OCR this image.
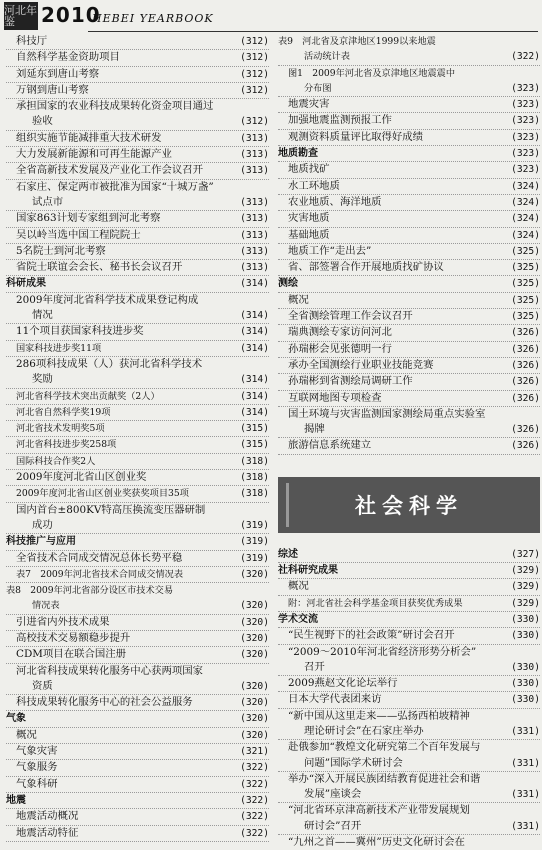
河北年鉴	2010
HEBEI YEARBOOK
科技厅	(312)
自然科学基金资助项目	(312)
刘延东到唐山考察	(312)
万钢到唐山考察	(312)
承担国家的农业科技成果转化资金项目通过
验收	(312)
组织实施节能减排重大技术研发	(313)
大力发展新能源和可再生能源产业	(313)
全省高新技术发展及产业化工作会议召开	(313)
石家庄、保定两市被批准为国家“十城万盏”
试点市	(313)
国家863计划专家组到河北考察	(313)
吴以岭当选中国工程院院士	(313)
5名院士到河北考察	(313)
省院士联谊会会长、秘书长会议召开	(313)
科研成果	(314)
2009年度河北省科学技术成果登记构成
情况	(314)
11个项目获国家科技进步奖	(314)
国家科技进步奖11项	(314)
286项科技成果（人）获河北省科学技术
奖励	(314)
河北省科学技术突出贡献奖（2人）	(314)
河北省自然科学奖19项	(314)
河北省技术发明奖5项	(315)
河北省科技进步奖258项	(315)
国际科技合作奖2人	(318)
2009年度河北省山区创业奖	(318)
2009年度河北省山区创业奖获奖项目35项	(318)
国内首台±800KV特高压换流变压器研制
成功	(319)
科技推广与应用	(319)
全省技术合同成交情况总体长势平稳	(319)
表7　2009年河北省技术合同成交情况表	(320)
表8　2009年河北省部分设区市技术交易
情况表	(320)
引进省内外技术成果	(320)
高校技术交易额稳步提升	(320)
CDM项目在联合国注册	(320)
河北省科技成果转化服务中心获两项国家
资质	(320)
科技成果转化服务中心的社会公益服务	(320)
气象	(320)
概况	(320)
气象灾害	(321)
气象服务	(322)
气象科研	(322)
地震	(322)
地震活动概况	(322)
地震活动特征	(322)
表9　河北省及京津地区1999以来地震
活动统计表	(322)
图1　2009年河北省及京津地区地震震中
分布图	(323)
地震灾害	(323)
加强地震监测预报工作	(323)
观测资料质量评比取得好成绩	(323)
地质勘查	(323)
地质找矿	(323)
水工环地质	(324)
农业地质、海洋地质	(324)
灾害地质	(324)
基础地质	(324)
地质工作“走出去”	(325)
省、部签署合作开展地质找矿协议	(325)
测绘	(325)
概况	(325)
全省测绘管理工作会议召开	(325)
瑞典测绘专家访问河北	(326)
孙瑞彬会见张德明一行	(326)
承办全国测绘行业职业技能竞赛	(326)
孙瑞彬到省测绘局调研工作	(326)
互联网地图专项检查	(326)
国土环境与灾害监测国家测绘局重点实验室
揭牌	(326)
旅游信息系统建立	(326)
社会科学
综述	(327)
社科研究成果	(329)
概况	(329)
附：河北省社会科学基金项目获奖优秀成果	(329)
学术交流	(330)
“民生视野下的社会政策”研讨会召开	(330)
“2009～2010年河北省经济形势分析会”
召开	(330)
2009燕赵文化论坛举行	(330)
日本大学代表团来访	(330)
“新中国从这里走来——弘扬西柏坡精神
理论研讨会”在石家庄举办	(331)
赴俄参加“教煌文化研究第二个百年发展与
问题”国际学术研讨会	(331)
举办“深入开展民族团结教育促进社会和谐
发展”座谈会	(331)
“河北省环京津高新技术产业带发展规划
研讨会”召开	(331)
“九州之首——冀州”历史文化研讨会在
